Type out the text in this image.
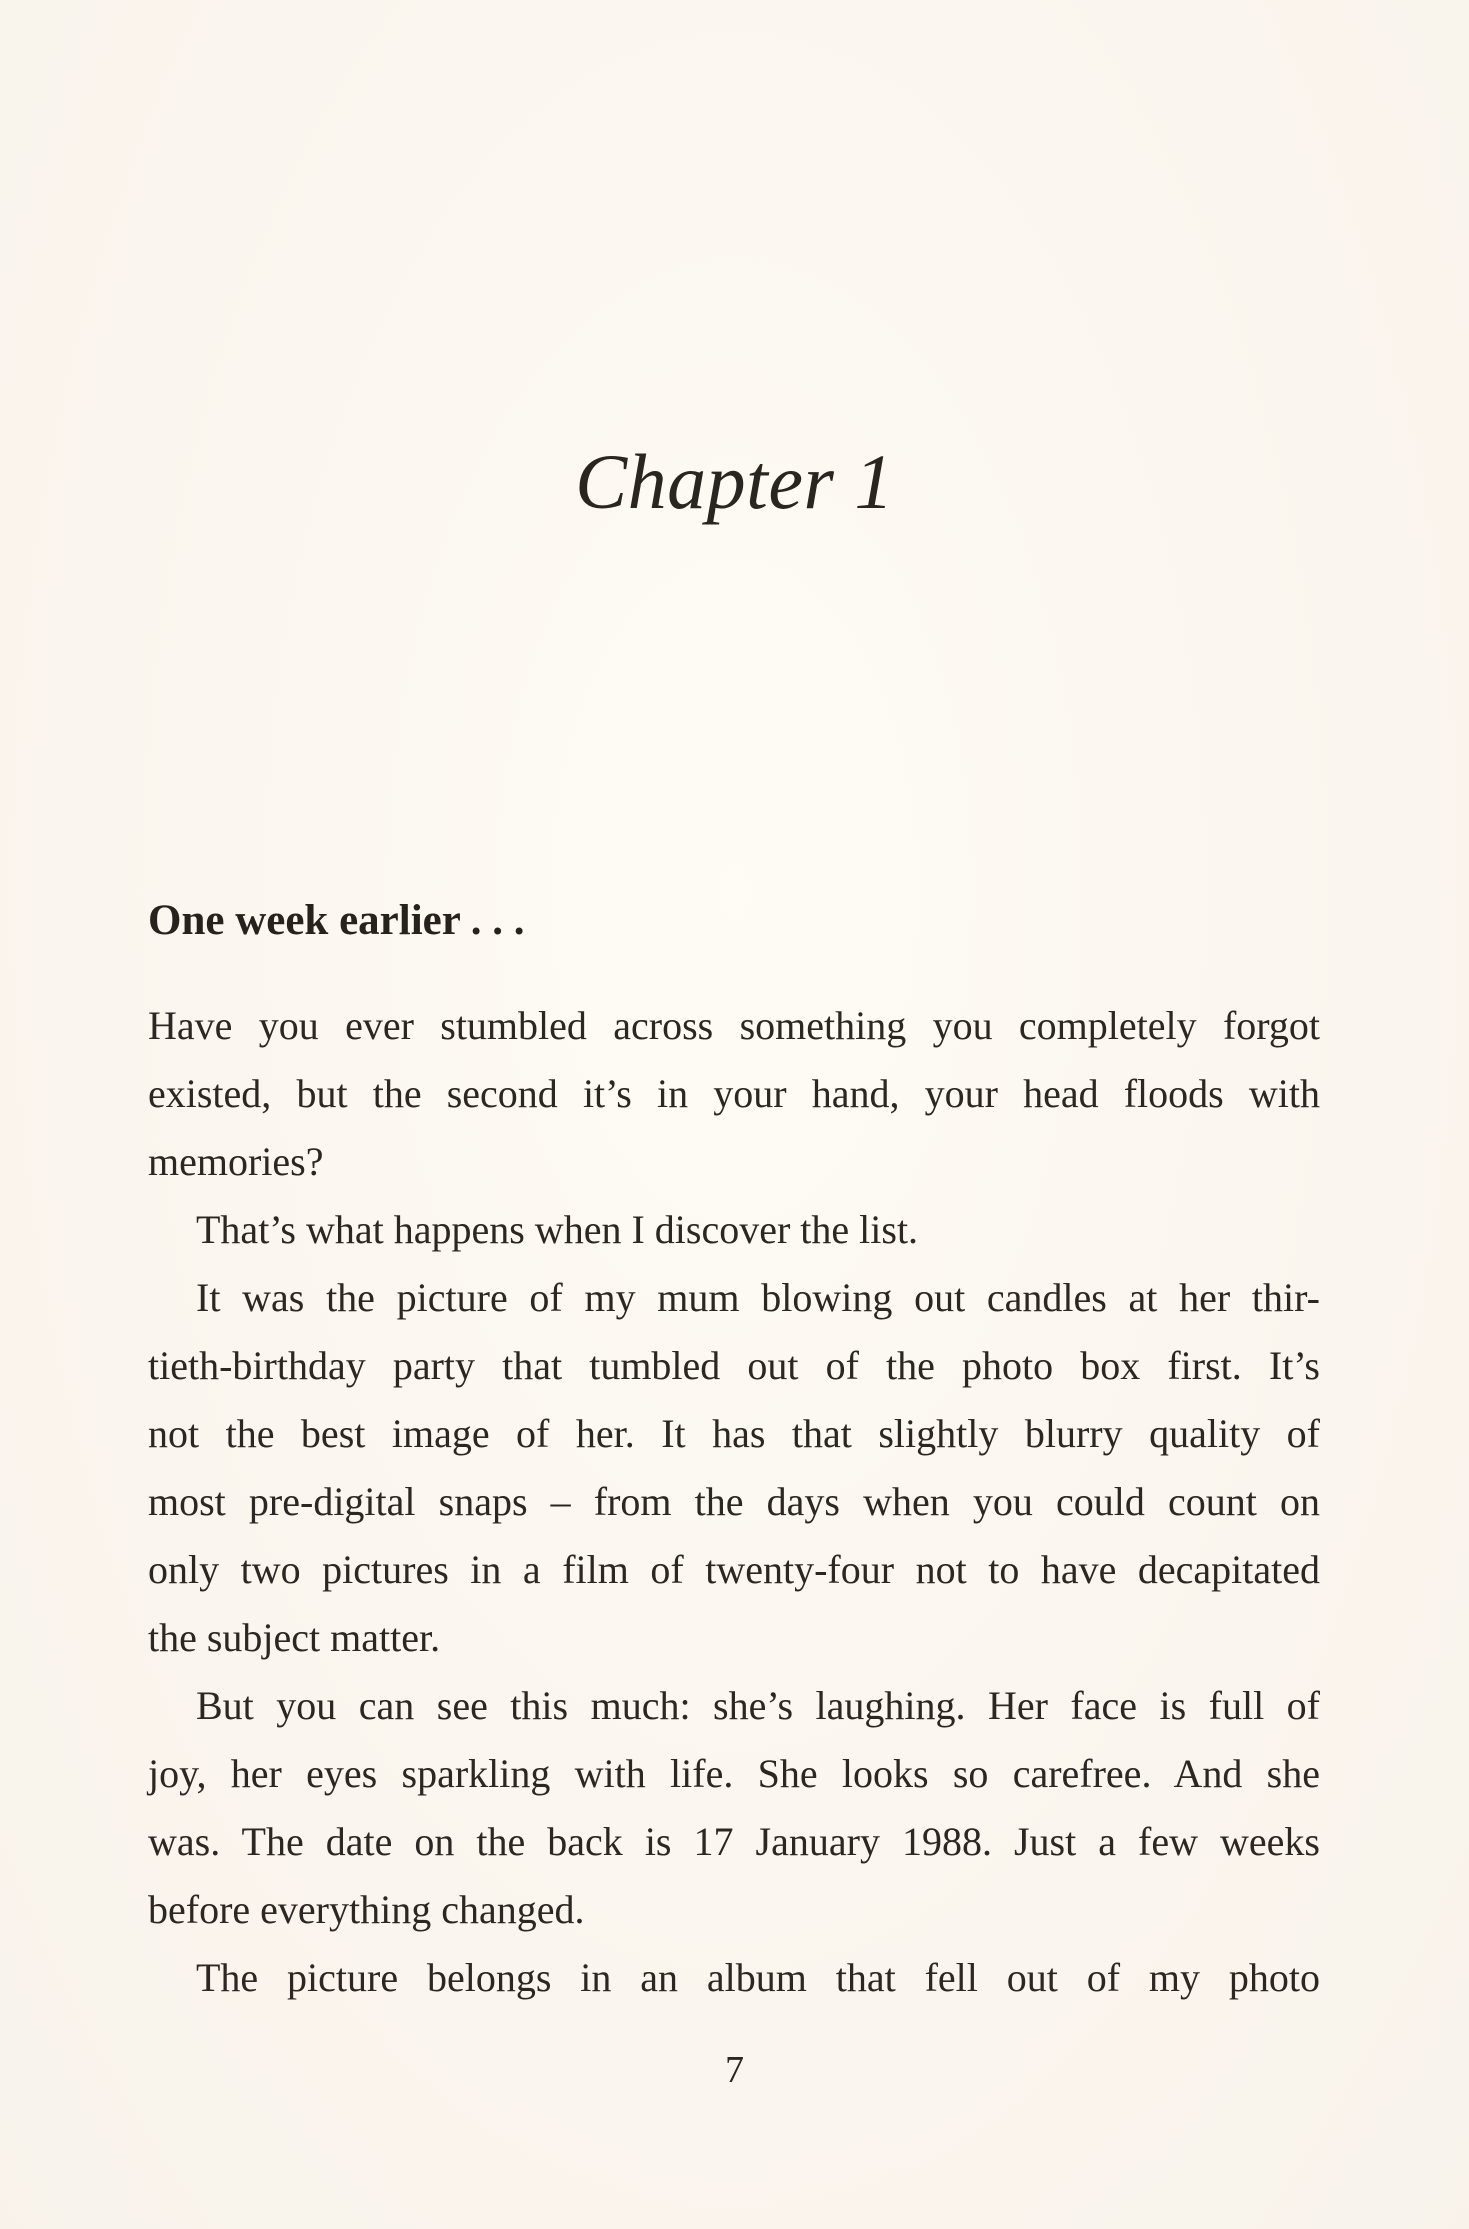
Chapter 1
One week earlier . . .
Have you ever stumbled across something you completely forgot
existed, but the second it’s in your hand, your head floods with
memories?
That’s what happens when I discover the list.
It was the picture of my mum blowing out candles at her thir-
tieth-birthday party that tumbled out of the photo box first. It’s
not the best image of her. It has that slightly blurry quality of
most pre-digital snaps – from the days when you could count on
only two pictures in a film of twenty-four not to have decapitated
the subject matter.
But you can see this much: she’s laughing. Her face is full of
joy, her eyes sparkling with life. She looks so carefree. And she
was. The date on the back is 17 January 1988. Just a few weeks
before everything changed.
The picture belongs in an album that fell out of my photo
7
